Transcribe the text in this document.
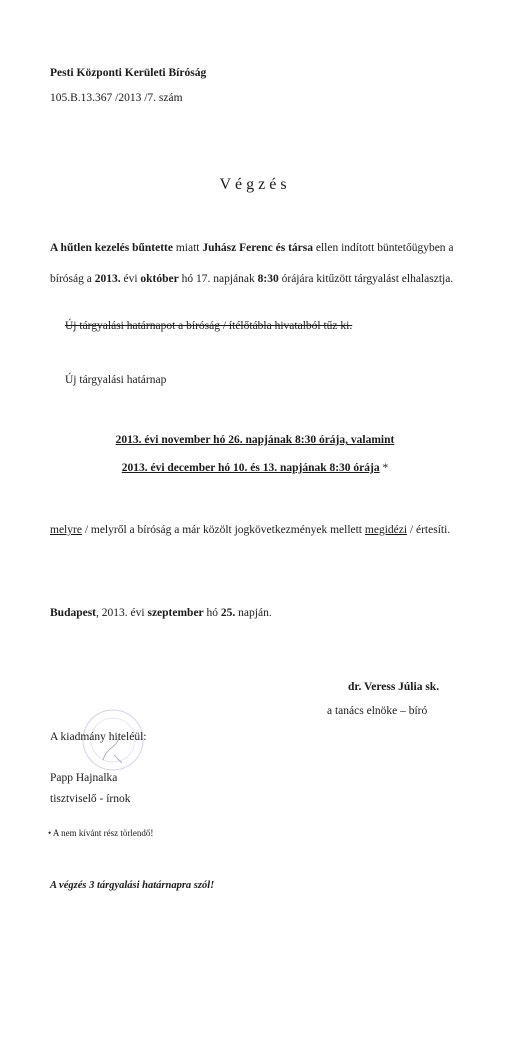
Pesti Központi Kerületi Bíróság
105.B.13.367 /2013 /7. szám
Végzés
A hűtlen kezelés bűntette miatt Juhász Ferenc és társa ellen indított büntetőügyben a bíróság a 2013. évi október hó 17. napjának 8:30 órájára kitűzött tárgyalást elhalasztja.
Új tárgyalási határnapot a bíróság / ítélőtábla hivatalból tűz ki.
Új tárgyalási határnap
2013. évi november hó 26. napjának 8:30 órája, valamint
2013. évi december hó 10. és 13. napjának 8:30 órája *
melyre / melyről a bíróság a már közölt jogkövetkezmények mellett megidézi / értesíti.
Budapest, 2013. évi szeptember hó 25. napján.
dr. Veress Júlia sk.
a tanács elnöke – bíró
A kiadmány hiteléül:
Papp Hajnalka
tisztviselő - írnok
• A nem kívánt rész törlendő!
A végzés 3 tárgyalási határnapra szól!
